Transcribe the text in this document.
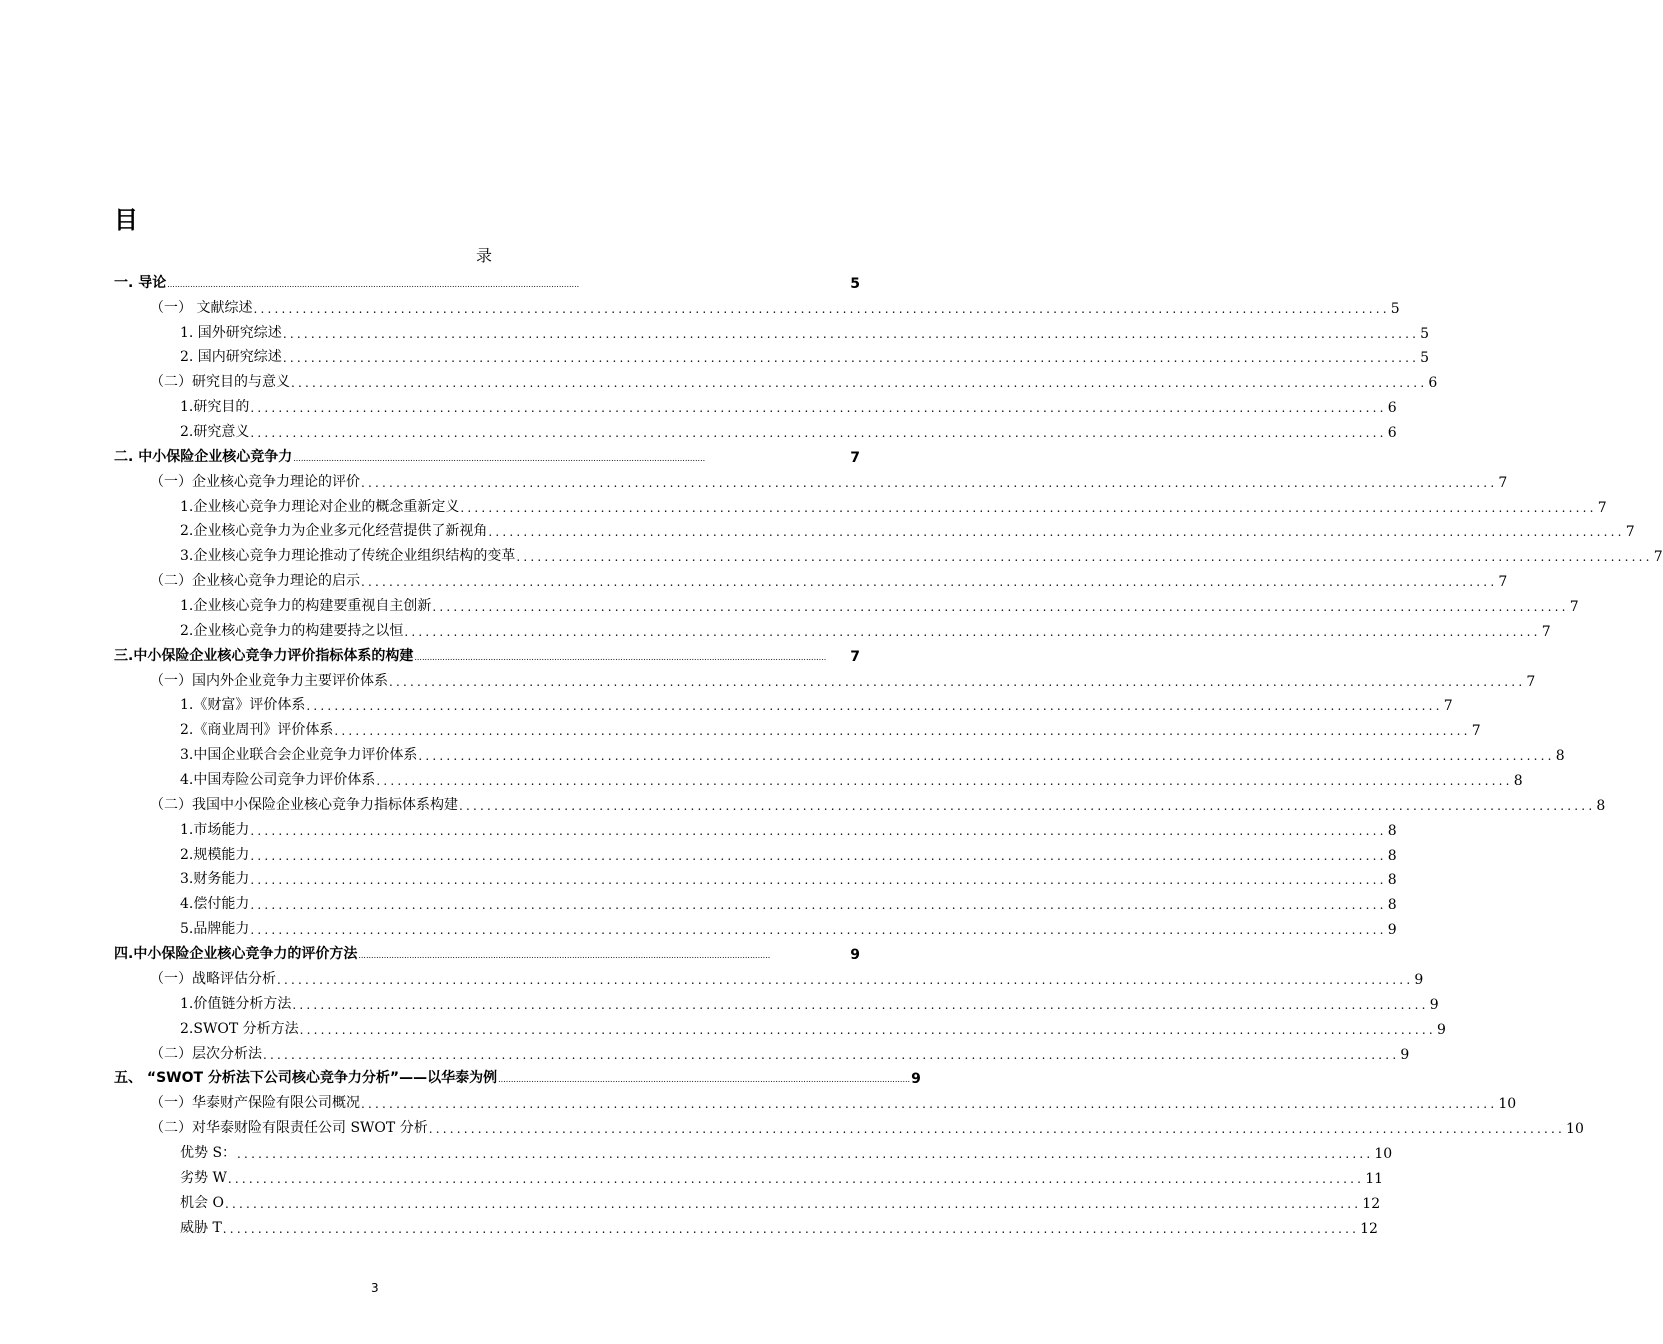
目
录
一. 导论 ..................................................................................................................................................................	5
（一） 文献综述 .................................................................................................................................................................. 5
1. 国外研究综述 .................................................................................................................................................................. 5
2. 国内研究综述 .................................................................................................................................................................. 5
（二）研究目的与意义 .................................................................................................................................................................. 6
1.研究目的 .................................................................................................................................................................. 6
2.研究意义 .................................................................................................................................................................. 6
二. 中小保险企业核心竞争力 ..................................................................................................................................................................	7
（一）企业核心竞争力理论的评价 .................................................................................................................................................................. 7
1.企业核心竞争力理论对企业的概念重新定义 .................................................................................................................................................................. 7
2.企业核心竞争力为企业多元化经营提供了新视角 .................................................................................................................................................................. 7
3.企业核心竞争力理论推动了传统企业组织结构的变革 .................................................................................................................................................................. 7
（二）企业核心竞争力理论的启示 .................................................................................................................................................................. 7
1.企业核心竞争力的构建要重视自主创新 .................................................................................................................................................................. 7
2.企业核心竞争力的构建要持之以恒 .................................................................................................................................................................. 7
三.中小保险企业核心竞争力评价指标体系的构建 ..................................................................................................................................................................	7
（一）国内外企业竞争力主要评价体系 .................................................................................................................................................................. 7
1.《财富》评价体系 .................................................................................................................................................................. 7
2.《商业周刊》评价体系 .................................................................................................................................................................. 7
3.中国企业联合会企业竞争力评价体系 .................................................................................................................................................................. 8
4.中国寿险公司竞争力评价体系 .................................................................................................................................................................. 8
（二）我国中小保险企业核心竞争力指标体系构建 .................................................................................................................................................................. 8
1.市场能力 .................................................................................................................................................................. 8
2.规模能力 .................................................................................................................................................................. 8
3.财务能力 .................................................................................................................................................................. 8
4.偿付能力 .................................................................................................................................................................. 8
5.品牌能力 .................................................................................................................................................................. 9
四.中小保险企业核心竞争力的评价方法 ..................................................................................................................................................................	9
（一）战略评估分析 .................................................................................................................................................................. 9
1.价值链分析方法 .................................................................................................................................................................. 9
2.SWOT 分析方法 .................................................................................................................................................................. 9
（二）层次分析法 .................................................................................................................................................................. 9
五、 “SWOT 分析法下公司核心竞争力分析”——以华泰为例 .................................................................................................................................................................. 9
（一）华泰财产保险有限公司概况 .................................................................................................................................................................. 10
（二）对华泰财险有限责任公司 SWOT 分析 .................................................................................................................................................................. 10
优势 S： .................................................................................................................................................................. 10
劣势 W .................................................................................................................................................................. 11
机会 O .................................................................................................................................................................. 12
威胁 T .................................................................................................................................................................. 12
3
